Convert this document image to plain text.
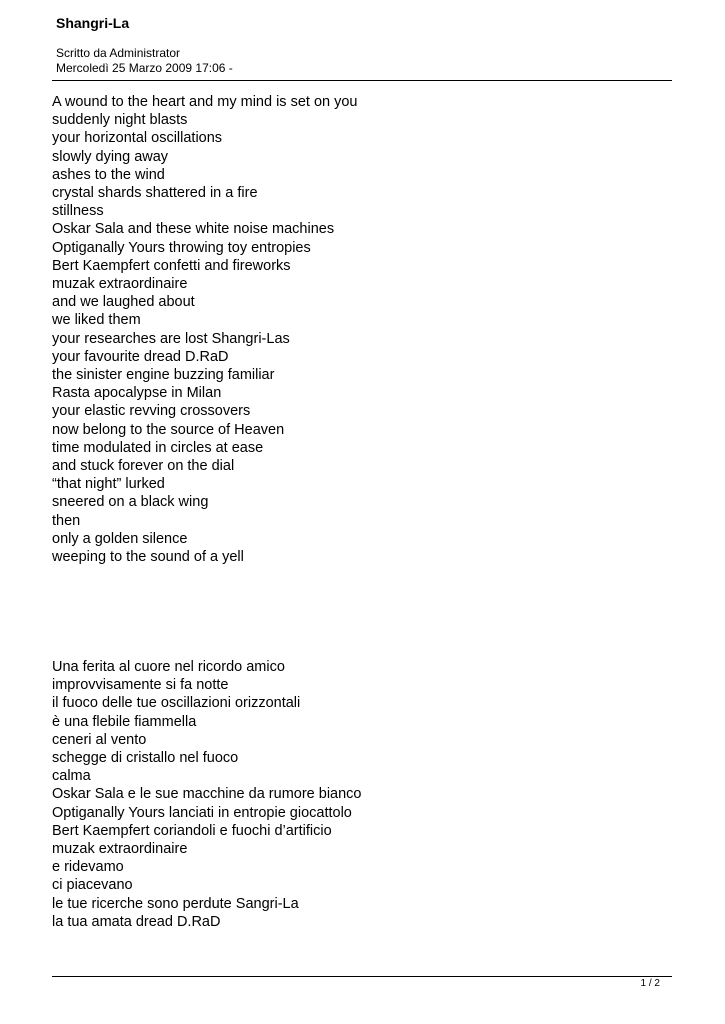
Shangri-La
Scritto da Administrator
Mercoledì 25 Marzo 2009 17:06 -
A wound to the heart and my mind is set on you
suddenly night blasts
your horizontal oscillations
slowly dying away
ashes to the wind
crystal shards shattered in a fire
stillness
Oskar Sala and these white noise machines
Optiganally Yours throwing toy entropies
Bert Kaempfert confetti and fireworks
muzak extraordinaire
and we laughed about
we liked them
your researches are lost Shangri-Las
your favourite dread D.RaD
the sinister engine buzzing familiar
Rasta apocalypse in Milan
your elastic revving crossovers
now belong to the source of Heaven
time modulated in circles at ease
and stuck forever on the dial
“that night” lurked
sneered on a black wing
then
only a golden silence
weeping to the sound of a yell
Una ferita al cuore nel ricordo amico
improvvisamente si fa notte
il fuoco delle tue oscillazioni orizzontali
è una flebile fiammella
ceneri al vento
schegge di cristallo nel fuoco
calma
Oskar Sala e le sue macchine da rumore bianco
Optiganally Yours lanciati in entropie giocattolo
Bert Kaempfert coriandoli e fuochi d’artificio
muzak extraordinaire
e ridevamo
ci piacevano
le tue ricerche sono perdute Sangri-La
la tua amata dread D.RaD
1 / 2
